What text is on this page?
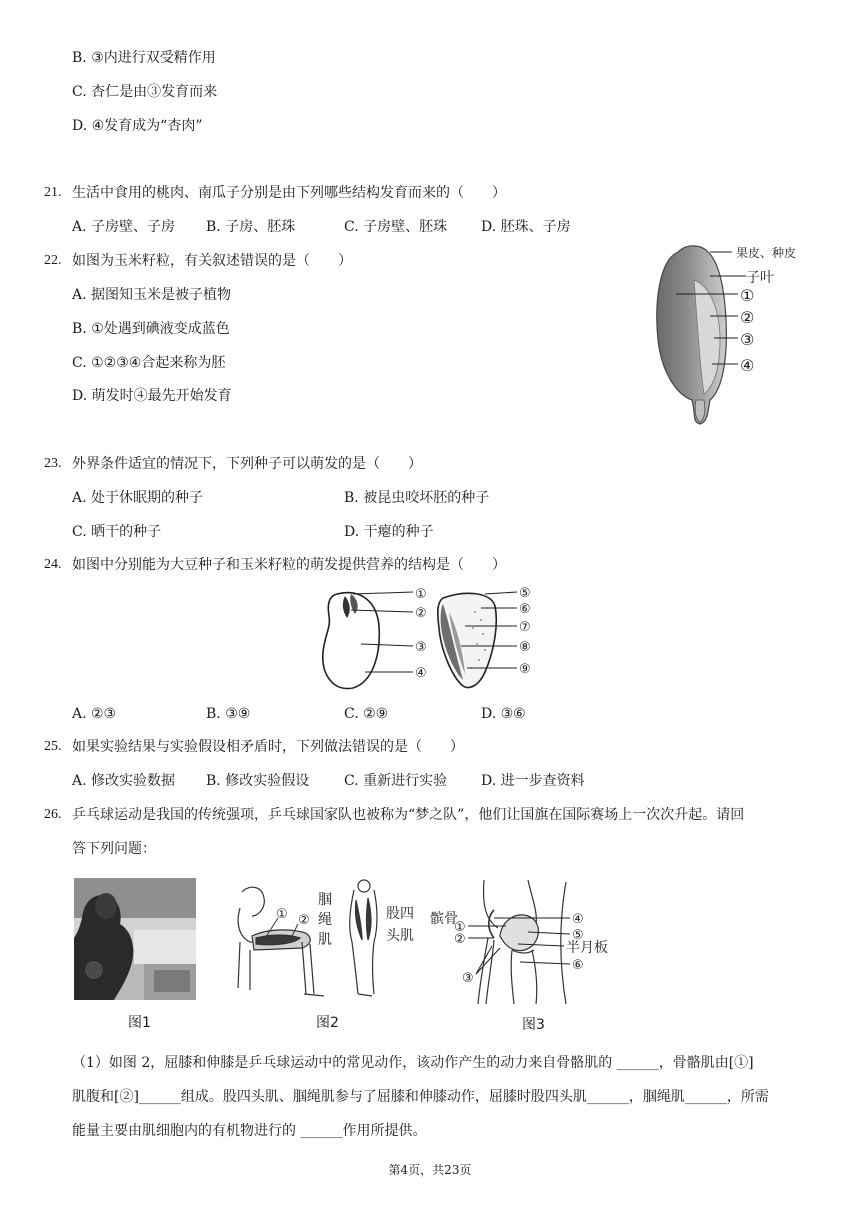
B. ③内进行双受精作用
C. 杏仁是由③发育而来
D. ④发育成为“杏肉”
21. 生活中食用的桃肉、南瓜子分别是由下列哪些结构发育而来的（　　）
A. 子房壁、子房 B. 子房、胚珠	C. 子房壁、胚珠 D. 胚珠、子房
22. 如图为玉米籽粒，有关叙述错误的是（　　）
A. 据图知玉米是被子植物
B. ①处遇到碘液变成蓝色
C. ①②③④合起来称为胚
D. 萌发时④最先开始发育
果皮、种皮
子叶
①
②
③
④
23. 外界条件适宜的情况下，下列种子可以萌发的是（　　）
A. 处于休眠期的种子	B. 被昆虫咬坏胚的种子
C. 晒干的种子	D. 干瘪的种子
24. 如图中分别能为大豆种子和玉米籽粒的萌发提供营养的结构是（　　）
①
②
③
④
⑤
⑥
⑦
⑧
⑨
A. ②③	B. ③⑨	C. ②⑨	D. ③⑥
25. 如果实验结果与实验假设相矛盾时，下列做法错误的是（　　）
A. 修改实验数据 B. 修改实验假设 C. 重新进行实验 D. 进一步查资料
26. 乒乓球运动是我国的传统强项，乒乓球国家队也被称为“梦之队”，他们让国旗在国际赛场上一次次升起。请回
答下列问题：
图1
① ②
腘
绳
肌
股四
头肌
图2
髌骨
①
②
③
④
⑤
半月板
⑥
图3
（1）如图 2，屈膝和伸膝是乒乓球运动中的常见动作，该动作产生的动力来自骨骼肌的 ______，骨骼肌由[①]
肌腹和[②]______组成。股四头肌、腘绳肌参与了屈膝和伸膝动作，屈膝时股四头肌______，腘绳肌______，所需
能量主要由肌细胞内的有机物进行的 ______作用所提供。
第4页，共23页
